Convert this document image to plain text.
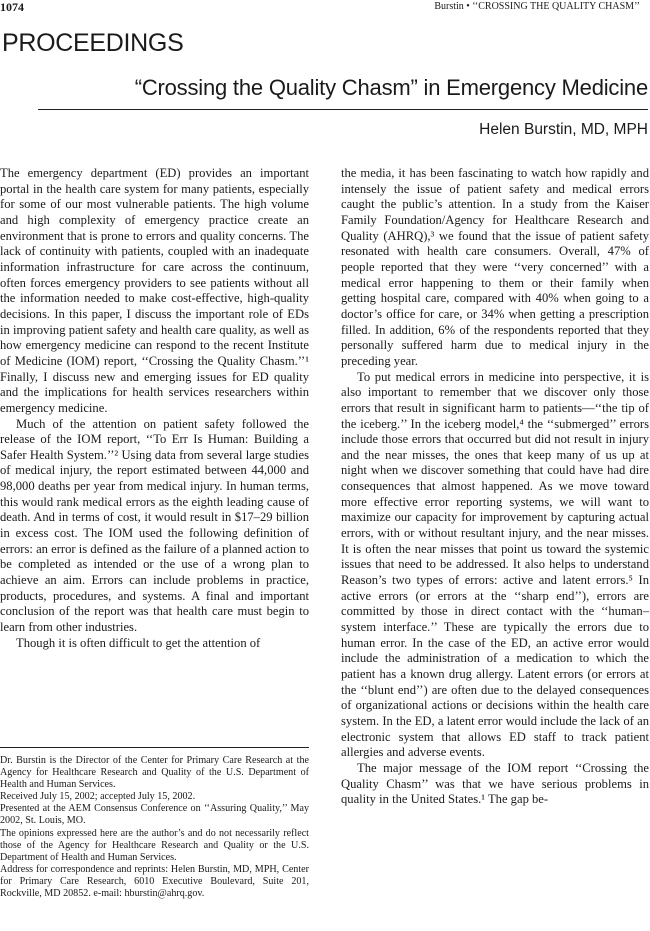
1074	Burstin • ‘‘CROSSING THE QUALITY CHASM’’
PROCEEDINGS
“Crossing the Quality Chasm” in Emergency Medicine
Helen Burstin, MD, MPH

The emergency department (ED) provides an important portal in the health care system for many patients, especially for some of our most vulnerable patients. The high volume and high complexity of emergency practice create an environment that is prone to errors and quality concerns. The lack of continuity with patients, coupled with an inadequate information infrastructure for care across the continuum, often forces emergency providers to see patients without all the information needed to make cost-effective, high-quality decisions. In this paper, I discuss the important role of EDs in improving patient safety and health care quality, as well as how emergency medicine can respond to the recent Institute of Medicine (IOM) report, ‘‘Crossing the Quality Chasm.’’¹ Finally, I discuss new and emerging issues for ED quality and the implications for health services researchers within emergency medicine.

Much of the attention on patient safety followed the release of the IOM report, ‘‘To Err Is Human: Building a Safer Health System.’’² Using data from several large studies of medical injury, the report estimated between 44,000 and 98,000 deaths per year from medical injury. In human terms, this would rank medical errors as the eighth leading cause of death. And in terms of cost, it would result in $17–29 billion in excess cost. The IOM used the following definition of errors: an error is defined as the failure of a planned action to be completed as intended or the use of a wrong plan to achieve an aim. Errors can include problems in practice, products, procedures, and systems. A final and important conclusion of the report was that health care must begin to learn from other industries.

Though it is often difficult to get the attention of

the media, it has been fascinating to watch how rapidly and intensely the issue of patient safety and medical errors caught the public’s attention. In a study from the Kaiser Family Foundation/Agency for Healthcare Research and Quality (AHRQ),³ we found that the issue of patient safety resonated with health care consumers. Overall, 47% of people reported that they were ‘‘very concerned’’ with a medical error happening to them or their family when getting hospital care, compared with 40% when going to a doctor’s office for care, or 34% when getting a prescription filled. In addition, 6% of the respondents reported that they personally suffered harm due to medical injury in the preceding year.

To put medical errors in medicine into perspective, it is also important to remember that we discover only those errors that result in significant harm to patients—‘‘the tip of the iceberg.’’ In the iceberg model,⁴ the ‘‘submerged’’ errors include those errors that occurred but did not result in injury and the near misses, the ones that keep many of us up at night when we discover something that could have had dire consequences that almost happened. As we move toward more effective error reporting systems, we will want to maximize our capacity for improvement by capturing actual errors, with or without resultant injury, and the near misses. It is often the near misses that point us toward the systemic issues that need to be addressed. It also helps to understand Reason’s two types of errors: active and latent errors.⁵ In active errors (or errors at the ‘‘sharp end’’), errors are committed by those in direct contact with the ‘‘human–system interface.’’ These are typically the errors due to human error. In the case of the ED, an active error would include the administration of a medication to which the patient has a known drug allergy. Latent errors (or errors at the ‘‘blunt end’’) are often due to the delayed consequences of organizational actions or decisions within the health care system. In the ED, a latent error would include the lack of an electronic system that allows ED staff to track patient allergies and adverse events.

The major message of the IOM report ‘‘Crossing the Quality Chasm’’ was that we have serious problems in quality in the United States.¹ The gap be-

Dr. Burstin is the Director of the Center for Primary Care Research at the Agency for Healthcare Research and Quality of the U.S. Department of Health and Human Services.

Received July 15, 2002; accepted July 15, 2002.

Presented at the AEM Consensus Conference on ‘‘Assuring Quality,’’ May 2002, St. Louis, MO.

The opinions expressed here are the author’s and do not necessarily reflect those of the Agency for Healthcare Research and Quality or the U.S. Department of Health and Human Services.

Address for correspondence and reprints: Helen Burstin, MD, MPH, Center for Primary Care Research, 6010 Executive Boulevard, Suite 201, Rockville, MD 20852. e-mail: hburstin@ahrq.gov.
